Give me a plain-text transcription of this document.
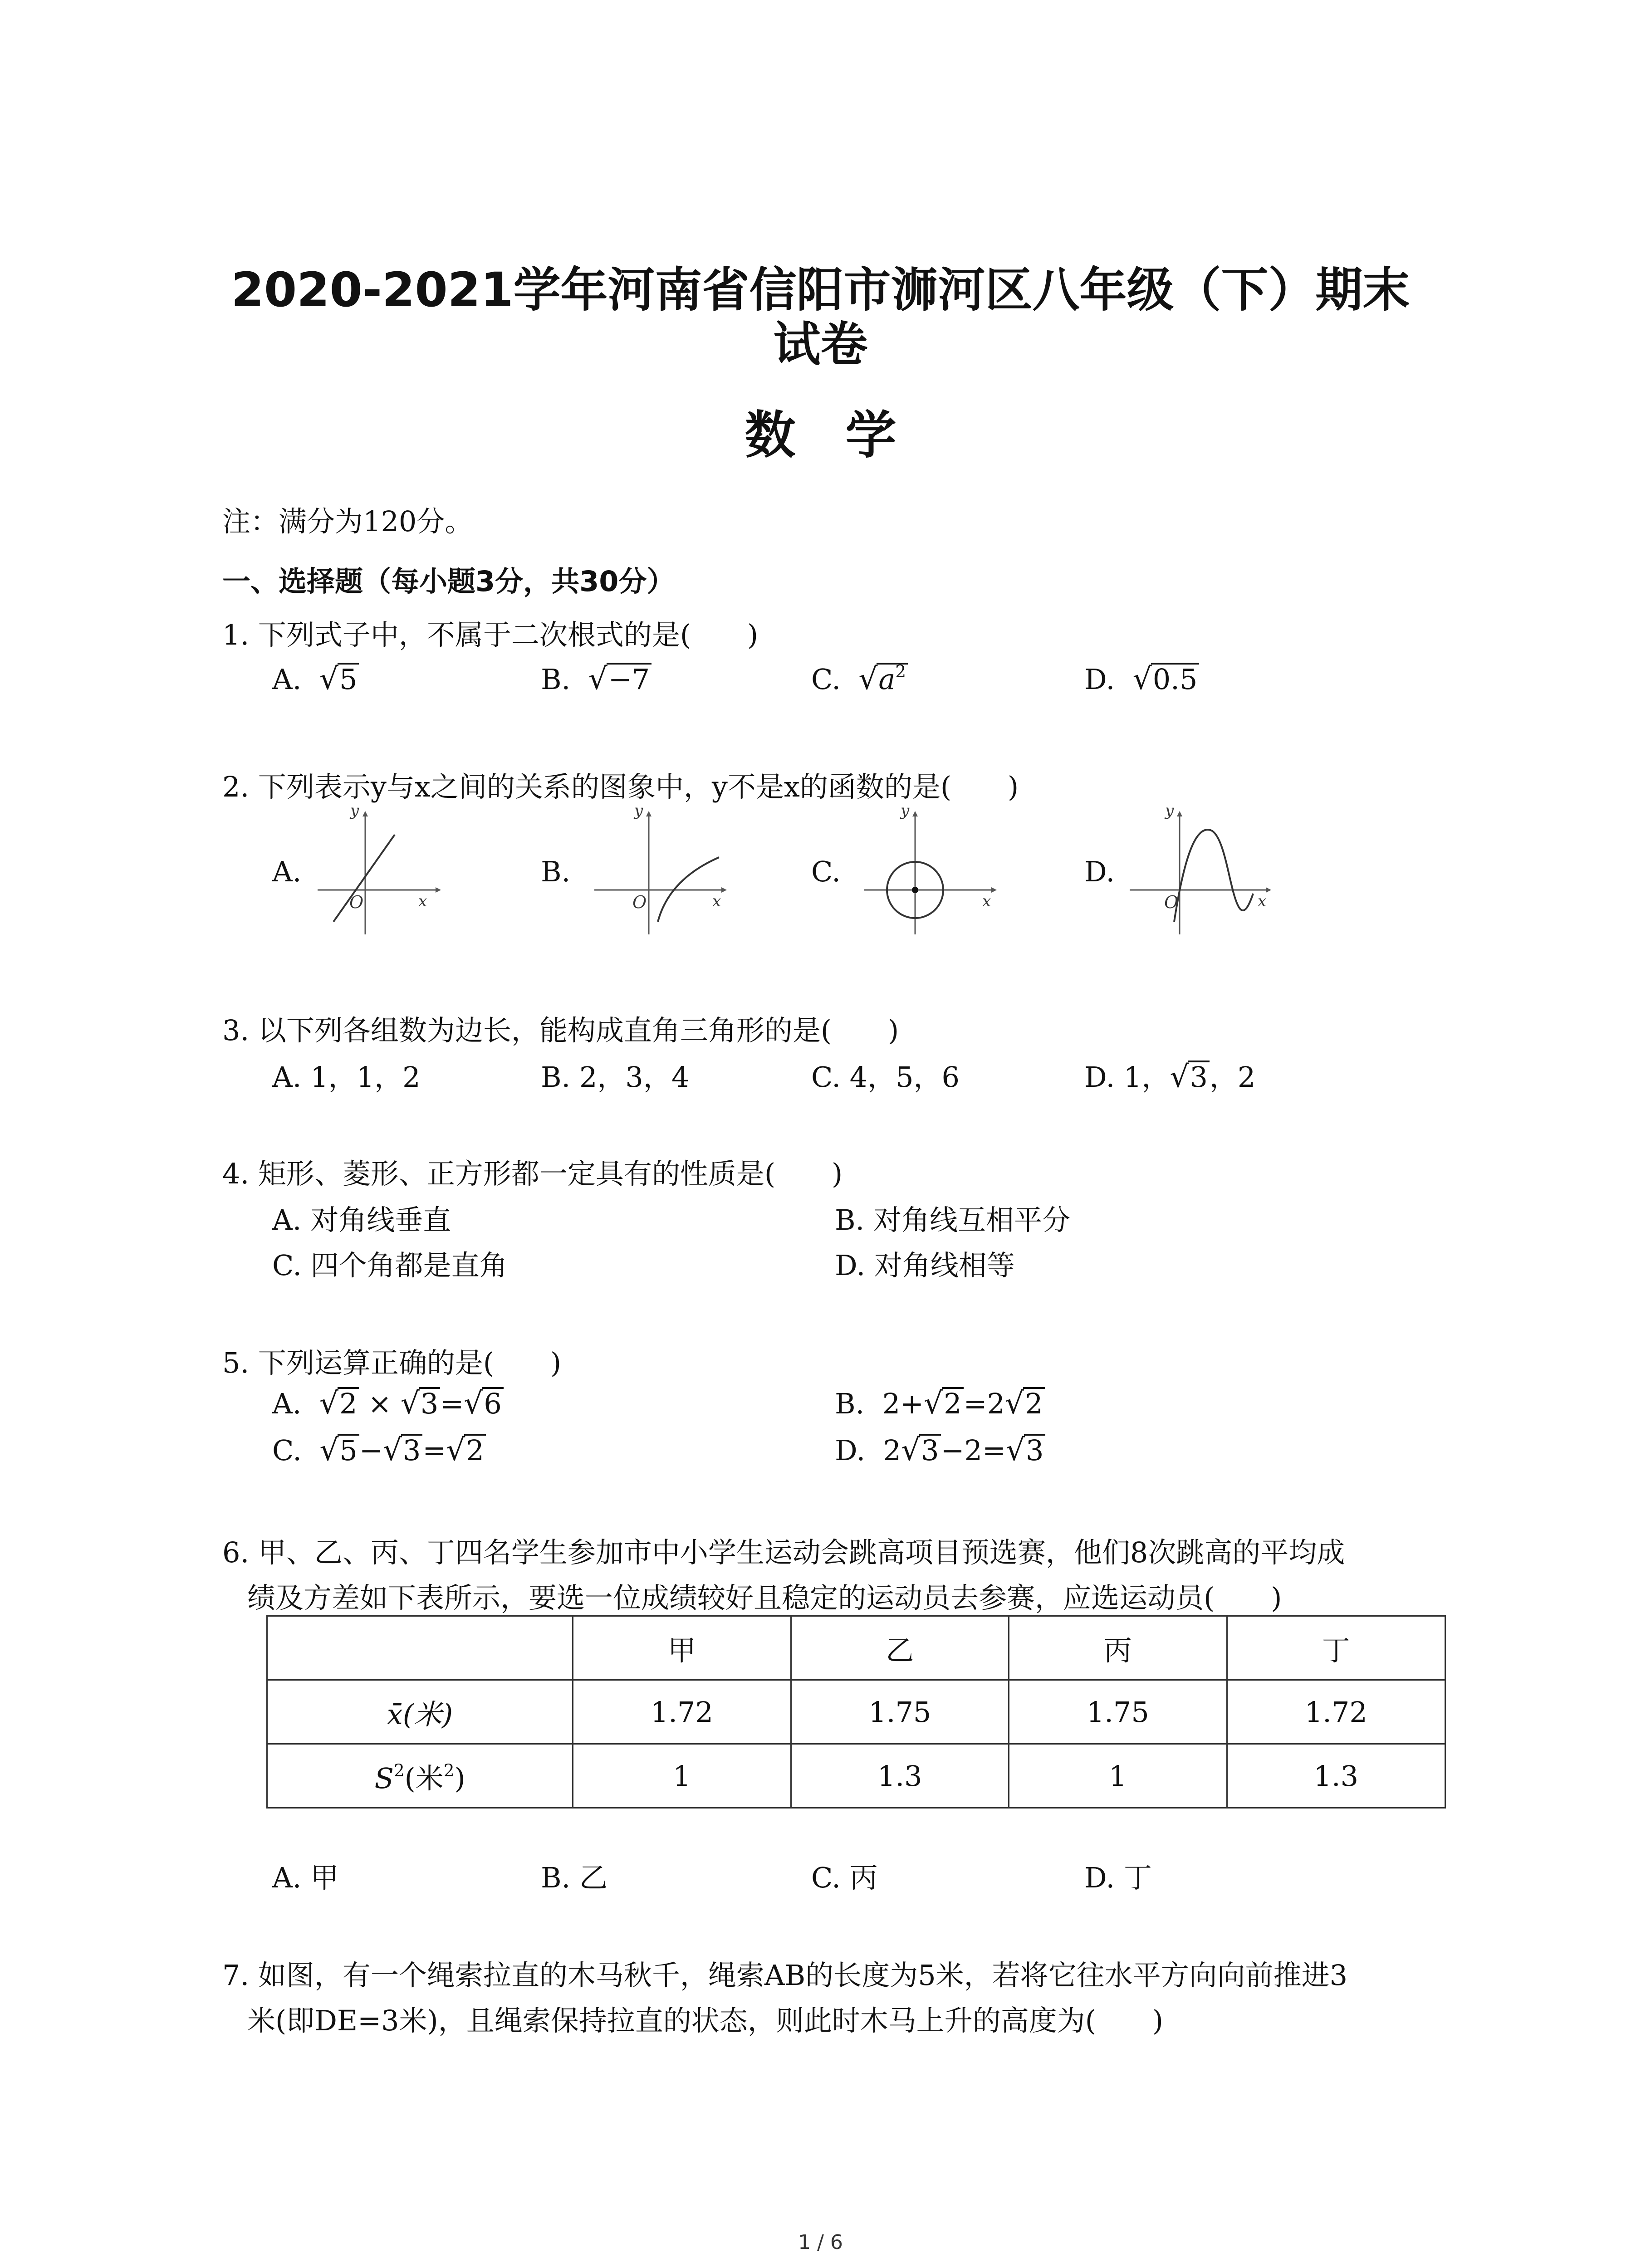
2020-2021学年河南省信阳市浉河区八年级（下）期末
试卷
数学
注：满分为120分。
一、选择题（每小题3分，共30分）
1. 下列式子中，不属于二次根式的是(　　)
A. √5	B. √−7	C. $√a^2$	D. √0.5
2. 下列表示y与x之间的关系的图象中，y不是x的函数的是(　　)
A.
y
x
O
B.
y
x
O
C.
y
x
D.
y
x
O
3. 以下列各组数为边长，能构成直角三角形的是(　　)
A. 1，1，2	B. 2，3，4	C. 4，5，6	D. 1，√3，2
4. 矩形、菱形、正方形都一定具有的性质是(　　)
A. 对角线垂直	B. 对角线互相平分
C. 四个角都是直角	D. 对角线相等
5. 下列运算正确的是(　　)
A. √2 × √3=√6	B. 2+√2=2√2
C. √5−√3=√2	D. 2√3−2=√3
6. 甲、乙、丙、丁四名学生参加市中小学生运动会跳高项目预选赛，他们8次跳高的平均成
绩及方差如下表所示，要选一位成绩较好且稳定的运动员去参赛，应选运动员(　　)
	甲	乙	丙	丁
x̄(米)	1.72	1.75	1.75	1.72
$S^2$(米$^2$)	1	1.3	1	1.3
A. 甲	B. 乙	C. 丙	D. 丁
7. 如图，有一个绳索拉直的木马秋千，绳索AB的长度为5米，若将它往水平方向向前推进3
米(即DE=3米)，且绳索保持拉直的状态，则此时木马上升的高度为(　　)
1 / 6
